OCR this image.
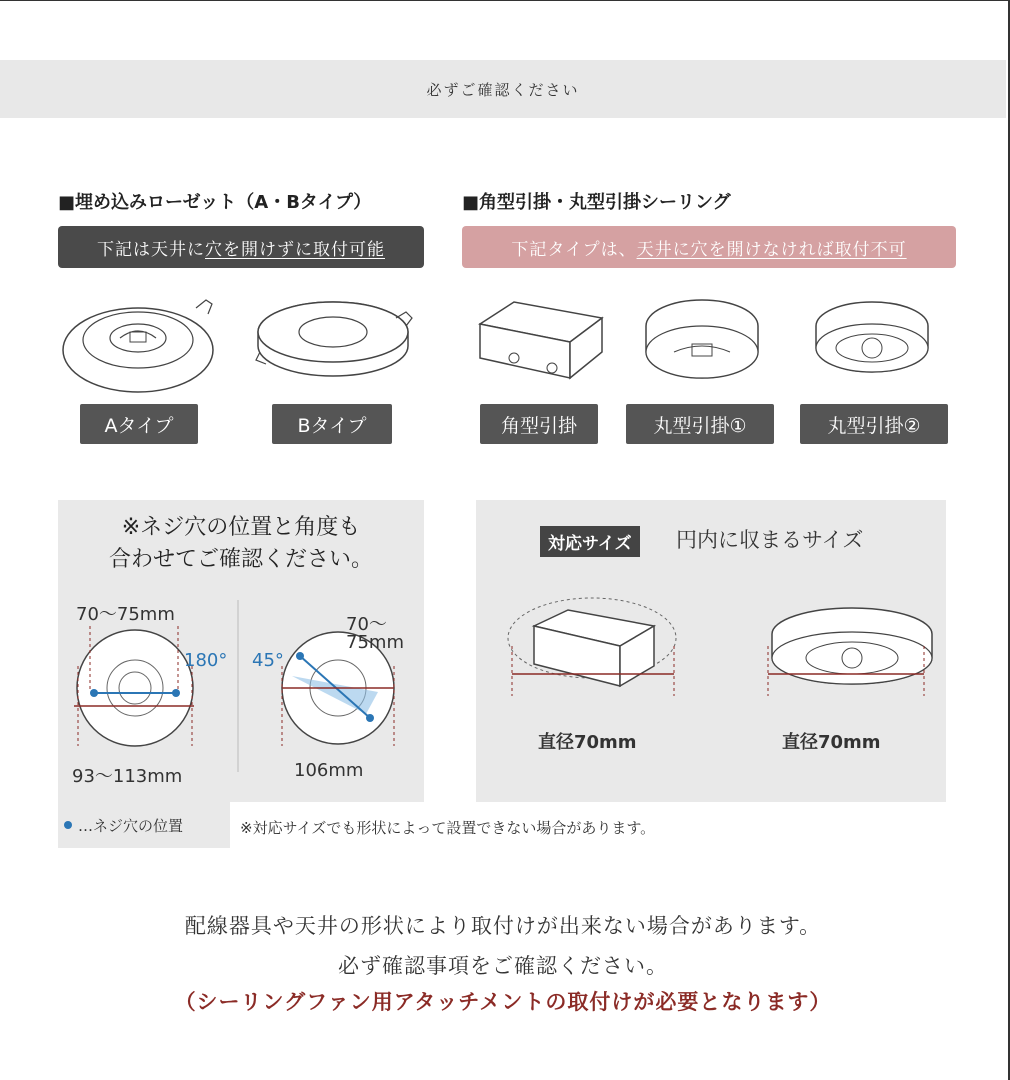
必ずご確認ください
■埋め込みローゼット（A・Bタイプ）
下記は天井に 穴を開けずに取付可能
■角型引掛・丸型引掛シーリング
下記タイプは、 天井に穴を開けなければ取付不可
Aタイプ	Bタイプ	角型引掛	丸型引掛①	丸型引掛②
※ネジ穴の位置と角度も
合わせてご確認ください。
70～75mm
180°
93～113mm
45°
70～
75mm
106mm
対応サイズ	円内に収まるサイズ
直径70mm	直径70mm
…ネジ穴の位置	※対応サイズでも形状によって設置できない場合があります。
配線器具や天井の形状により取付けが出来ない場合があります。
必ず確認事項をご確認ください。
（シーリングファン用アタッチメントの取付けが必要となります）
